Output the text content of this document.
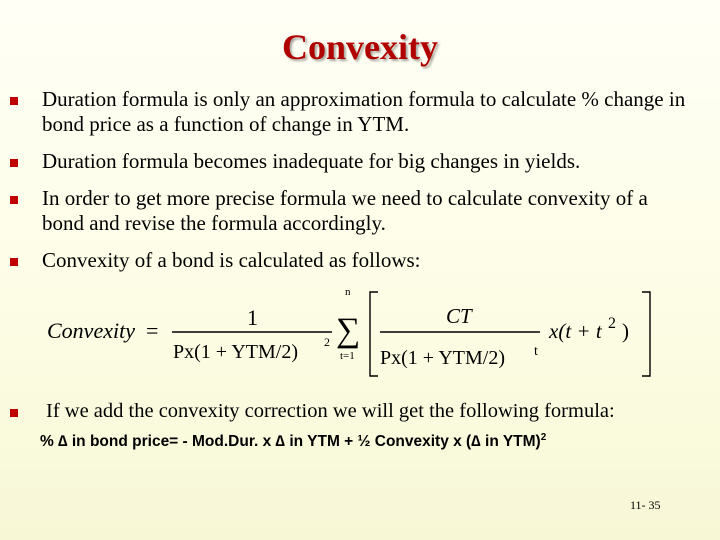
Convexity
Duration formula is only an approximation formula to calculate % change in bond price as a function of change in YTM.
Duration formula becomes inadequate for big changes in yields.
In order to get more precise formula we need to calculate convexity of a bond and revise the formula accordingly.
Convexity of a bond is calculated as follows:
If we add the convexity correction we will get the following formula:
Convexity =
1
Px(1 + YTM/2) 2
n
∑
t=1
CT
Px(1 + YTM/2) t
x(t + t 2 )
% ∆ in bond price= - Mod.Dur. x ∆ in YTM + ½ Convexity x (∆ in YTM)$^2$
11- 35
